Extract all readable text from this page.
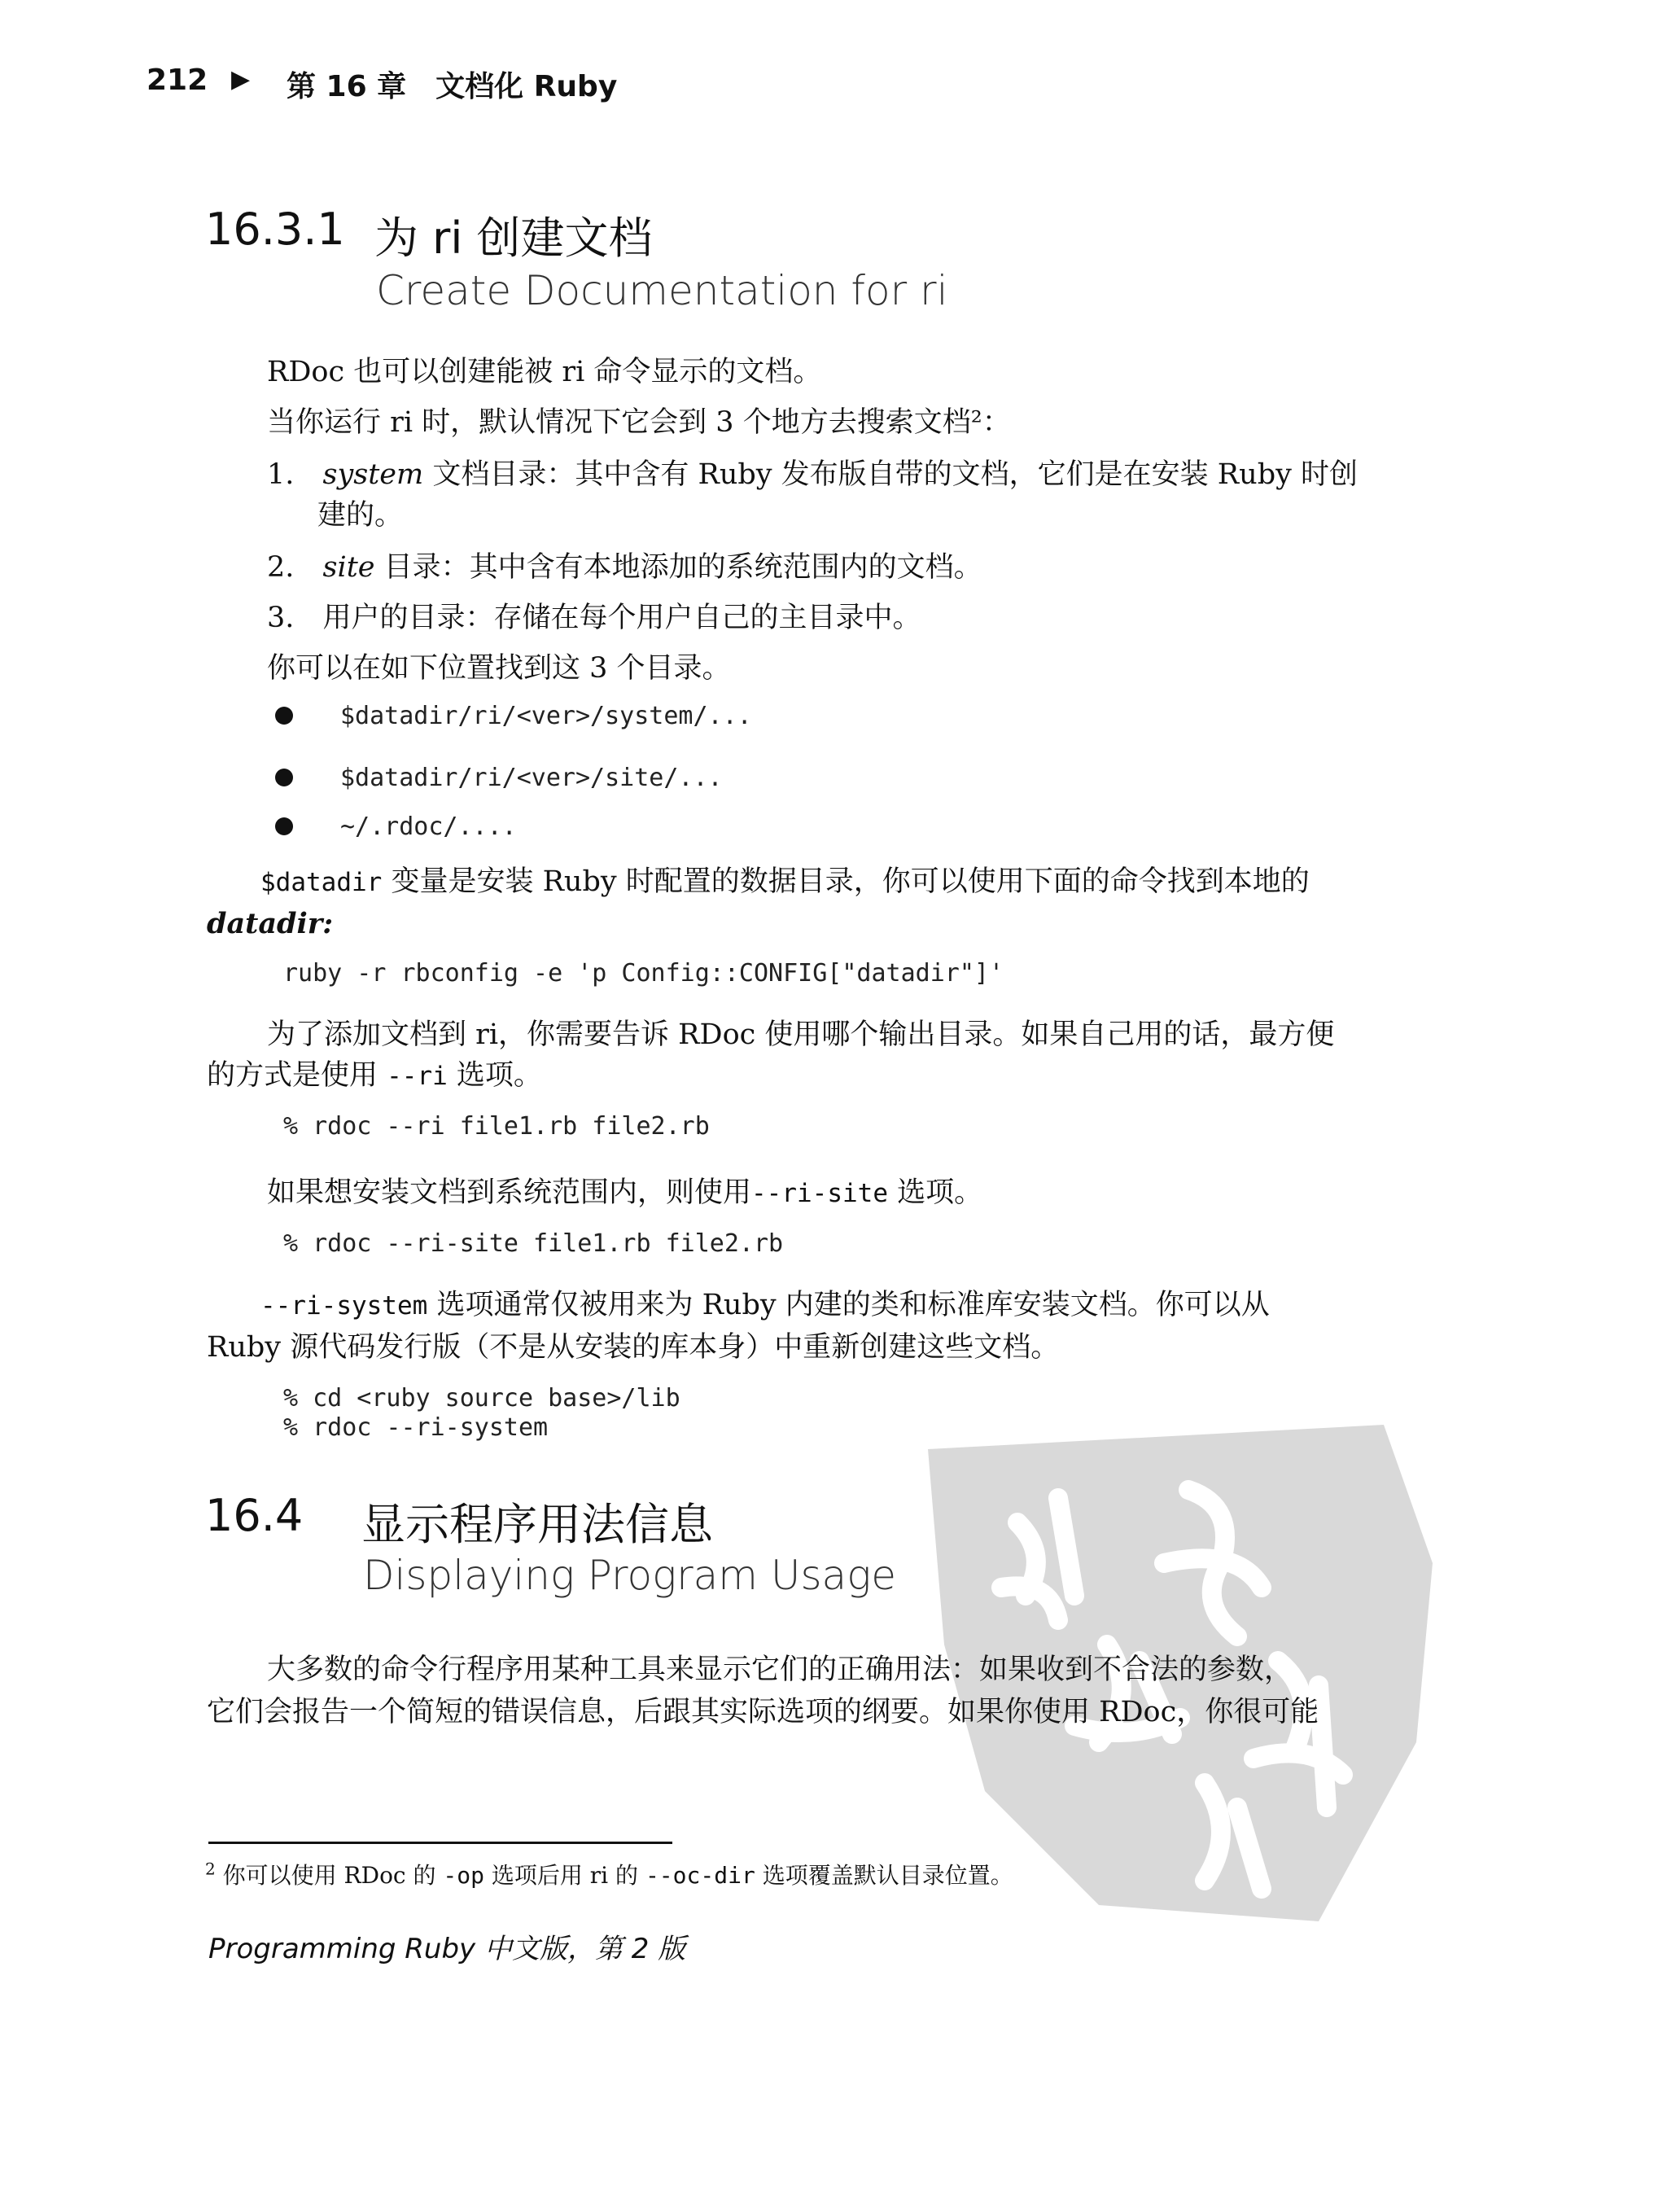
212 ▶ 第 16 章　文档化 Ruby
16.3.1 为 ri 创建文档
Create Documentation for ri
RDoc 也可以创建能被 ri 命令显示的文档。
当你运行 ri 时，默认情况下它会到 3 个地方去搜索文档²：
1. system 文档目录：其中含有 Ruby 发布版自带的文档，它们是在安装 Ruby 时创
建的。
2. site 目录：其中含有本地添加的系统范围内的文档。
3. 用户的目录：存储在每个用户自己的主目录中。
你可以在如下位置找到这 3 个目录。
$datadir/ri/<ver>/system/...
$datadir/ri/<ver>/site/...
~/.rdoc/....
$datadir 变量是安装 Ruby 时配置的数据目录，你可以使用下面的命令找到本地的
datadir:
ruby -r rbconfig -e 'p Config::CONFIG["datadir"]'
为了添加文档到 ri，你需要告诉 RDoc 使用哪个输出目录。如果自己用的话，最方便
的方式是使用 --ri 选项。
% rdoc --ri file1.rb file2.rb
如果想安装文档到系统范围内，则使用--ri-site 选项。
% rdoc --ri-site file1.rb file2.rb
--ri-system 选项通常仅被用来为 Ruby 内建的类和标准库安装文档。你可以从
Ruby 源代码发行版（不是从安装的库本身）中重新创建这些文档。
% cd <ruby source base>/lib
% rdoc --ri-system
16.4 显示程序用法信息
Displaying Program Usage
大多数的命令行程序用某种工具来显示它们的正确用法：如果收到不合法的参数，
它们会报告一个简短的错误信息，后跟其实际选项的纲要。如果你使用 RDoc，你很可能
$^2$ 你可以使用 RDoc 的 -op 选项后用 ri 的 --oc-dir 选项覆盖默认目录位置。
Programming Ruby 中文版，第 2 版
